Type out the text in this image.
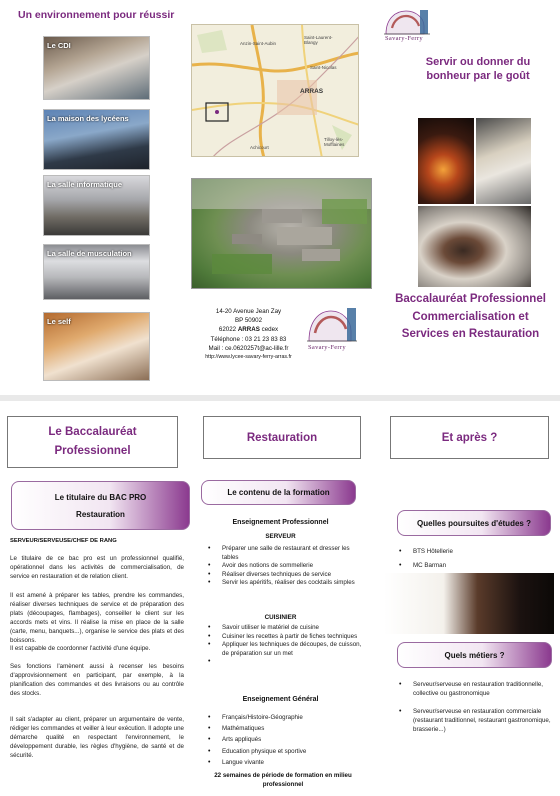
Un environnement pour réussir
Le CDI
La maison des lycéens
La salle informatique
La salle de musculation
Le self
ARRAS
Anzin-Saint-Aubin
Saint-Laurent-Blangy
Achicourt
Tilloy-lès-Mofflaines
Saint-Nicolas
14-20 Avenue Jean Zay
BP 50902
62022 ARRAS cedex
Téléphone : 03 21 23 83 83
Mail : ce.0620257t@ac-lille.fr
http://www.lycee-savary-ferry-arras.fr
Savary-Ferry
Savary-Ferry
Servir ou donner du bonheur par le goût
Baccalauréat Professionnel Commercialisation et Services en Restauration
Le Baccalauréat Professionnel
Le titulaire du BAC PRO Restauration
SERVEUR/SERVEUSE/CHEF DE RANG

Le titulaire de ce bac pro est un professionnel qualifié, opérationnel dans les activités de commercialisation, de service en restauration et de relation client.

Il est amené à préparer les tables, prendre les commandes, réaliser diverses techniques de service et de préparation des plats (découpages, flambages), conseiller le client sur les accords mets et vins. Il réalise la mise en place de la salle (carte, menu, banquets...), organise le service des plats et des boissons.

Il est capable de coordonner l'activité d'une équipe.

Ses fonctions l'amènent aussi à recenser les besoins d'approvisionnement en participant, par exemple, à la planification des commandes et des livraisons ou au contrôle des stocks.

Il sait s'adapter au client, préparer un argumentaire de vente, rédiger les commandes et veiller à leur exécution. Il adopte une démarche qualité en respectant l'environnement, le développement durable, les règles d'hygiène, de santé et de sécurité.

Restauration
Le contenu de la formation
Enseignement Professionnel
SERVEUR
• Préparer une salle de restaurant et dresser les tables
• Avoir des notions de sommellerie
• Réaliser diverses techniques de service
• Servir les apéritifs, réaliser des cocktails simples
CUISINIER
• Savoir utiliser le matériel de cuisine
• Cuisiner les recettes à partir de fiches techniques
• Appliquer les techniques de découpes, de cuisson, de préparation sur un met
•
Enseignement Général
• Français/Histoire-Géographie
• Mathématiques
• Arts appliqués
• Education physique et sportive
• Langue vivante
22 semaines de période de formation en milieu professionnel
Et après ?
Quelles poursuites d'études ?
• BTS Hôtellerie
• MC Barman
•
Quels métiers ?
• Serveur/serveuse en restauration traditionnelle, collective ou gastronomique
• Serveur/serveuse en restauration commerciale (restaurant traditionnel, restaurant gastronomique, brasserie...)
